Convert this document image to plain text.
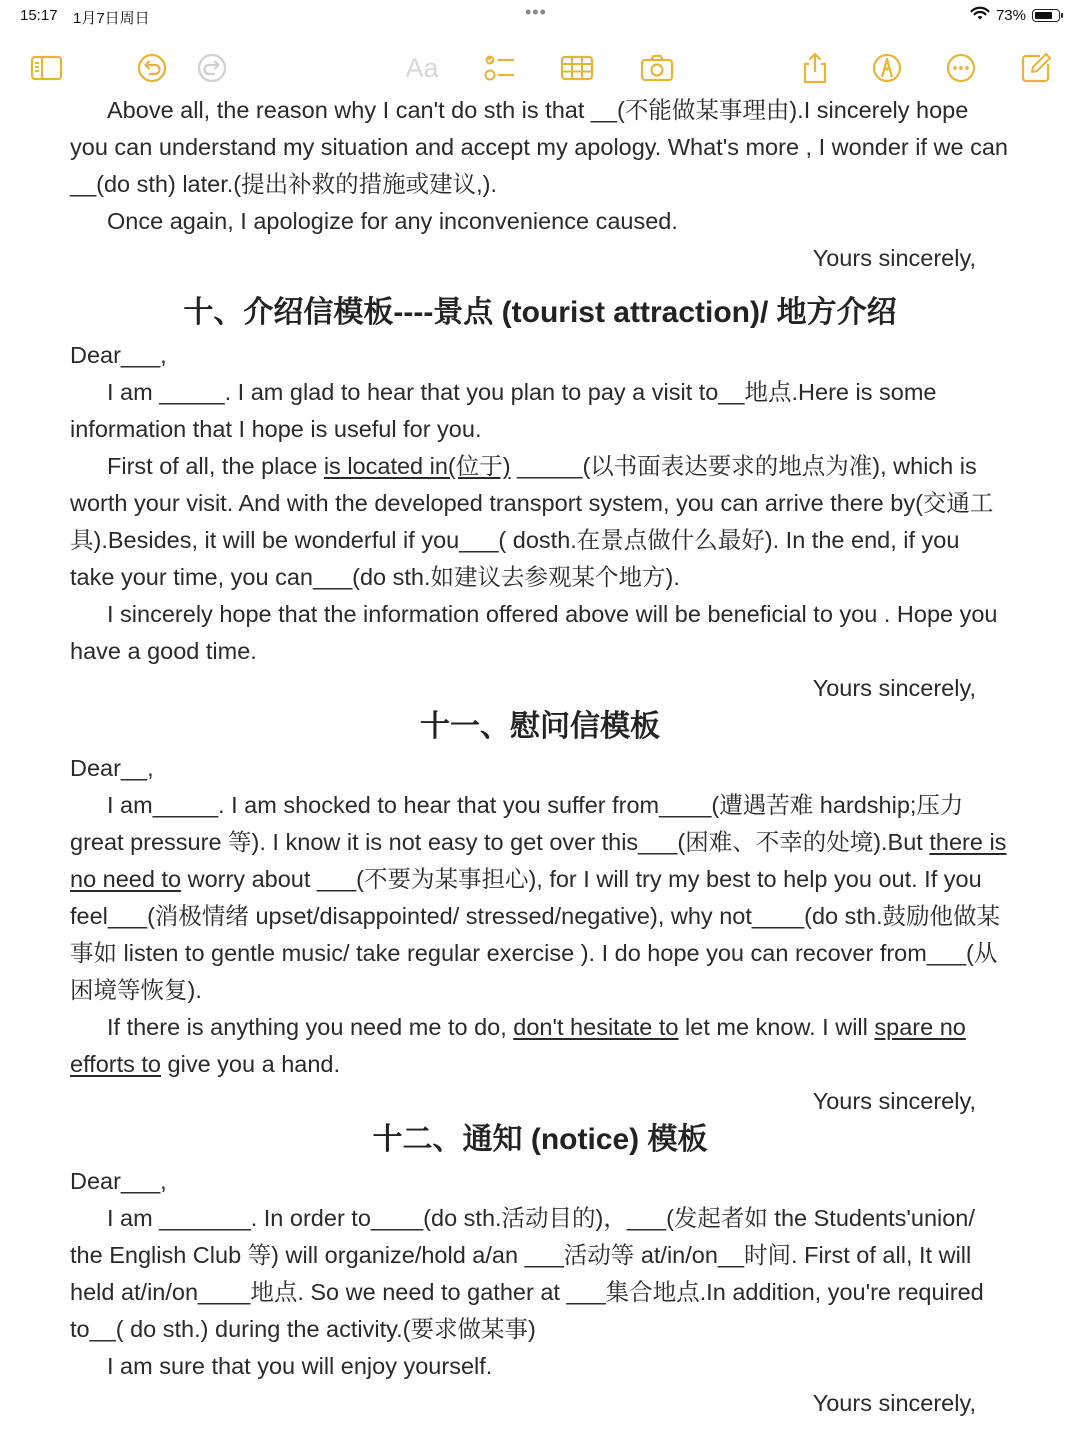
15:17 1月7日周日	•••	73%
Aa

Above all, the reason why I can't do sth is that __(不能做某事理由).I sincerely hope you can understand my situation and accept my apology. What's more , I wonder if we can __(do sth) later.(提出补救的措施或建议,).

Once again, I apologize for any inconvenience caused.

Yours sincerely,

十、介绍信模板----景点 (tourist attraction)/ 地方介绍

Dear___,

I am _____. I am glad to hear that you plan to pay a visit to__地点.Here is some information that I hope is useful for you.

First of all, the place is located in(位于) _____(以书面表达要求的地点为准), which is worth your visit. And with the developed transport system, you can arrive there by(交通工具).Besides, it will be wonderful if you___( dosth.在景点做什么最好). In the end, if you take your time, you can___(do sth.如建议去参观某个地方).

I sincerely hope that the information offered above will be beneficial to you . Hope you have a good time.

Yours sincerely,

十一、慰问信模板

Dear__,

I am_____. I am shocked to hear that you suffer from____(遭遇苦难 hardship;压力 great pressure 等). I know it is not easy to get over this___(困难、不幸的处境).But there is no need to worry about ___(不要为某事担心), for I will try my best to help you out. If you feel___(消极情绪 upset/disappointed/ stressed/negative), why not____(do sth.鼓励他做某事如 listen to gentle music/ take regular exercise ). I do hope you can recover from___(从困境等恢复).

If there is anything you need me to do, don't hesitate to let me know. I will spare no efforts to give you a hand.

Yours sincerely,

十二、通知 (notice) 模板

Dear___,

I am _______. In order to____(do sth.活动目的)，___(发起者如 the Students'union/ the English Club 等) will organize/hold a/an ___活动等 at/in/on__时间. First of all, It will held at/in/on____地点. So we need to gather at ___集合地点.In addition, you're required to__( do sth.) during the activity.(要求做某事)

I am sure that you will enjoy yourself.

Yours sincerely,
